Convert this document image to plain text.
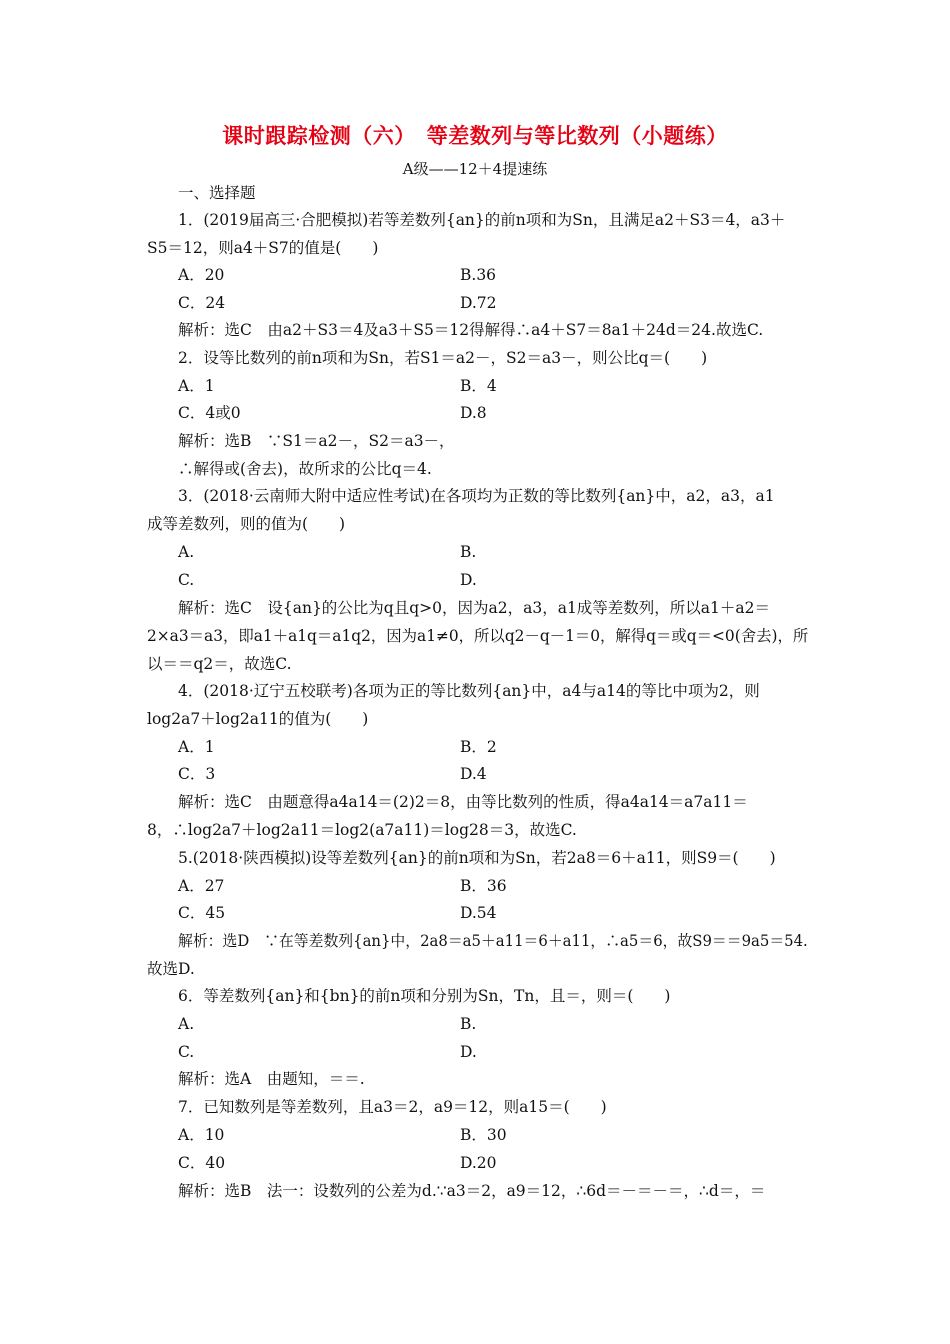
课时跟踪检测（六）　等差数列与等比数列（小题练）
A级——12＋4提速练
一、选择题
1．(2019届高三·合肥模拟)若等差数列{an}的前n项和为Sn，且满足a2＋S3＝4，a3＋
S5＝12，则a4＋S7的值是(　　)
A．20	B.36
C．24	D.72
解析：选C　由a2＋S3＝4及a3＋S5＝12得解得∴a4＋S7＝8a1＋24d＝24.故选C.
2．设等比数列的前n项和为Sn，若S1＝a2－，S2＝a3－，则公比q＝(　　)
A．1	B．4
C．4或0	D.8
解析：选B　∵S1＝a2－，S2＝a3－，
∴解得或(舍去)，故所求的公比q＝4.
3．(2018·云南师大附中适应性考试)在各项均为正数的等比数列{an}中，a2，a3，a1
成等差数列，则的值为(　　)
A.	B.
C.	D.
解析：选C　设{an}的公比为q且q>0，因为a2，a3，a1成等差数列，所以a1＋a2＝
2×a3＝a3，即a1＋a1q＝a1q2，因为a1≠0，所以q2－q－1＝0，解得q＝或q＝<0(舍去)，所
以＝＝q2＝，故选C.
4．(2018·辽宁五校联考)各项为正的等比数列{an}中，a4与a14的等比中项为2，则
log2a7＋log2a11的值为(　　)
A．1	B．2
C．3	D.4
解析：选C　由题意得a4a14＝(2)2＝8，由等比数列的性质，得a4a14＝a7a11＝
8，∴log2a7＋log2a11＝log2(a7a11)＝log28＝3，故选C.
5.(2018·陕西模拟)设等差数列{an}的前n项和为Sn，若2a8＝6＋a11，则S9＝(　　)
A．27	B．36
C．45	D.54
解析：选D　∵在等差数列{an}中，2a8＝a5＋a11＝6＋a11，∴a5＝6，故S9＝＝9a5＝54.
故选D.
6．等差数列{an}和{bn}的前n项和分别为Sn，Tn，且＝，则＝(　　)
A.	B.
C.	D.
解析：选A　由题知，＝＝.
7．已知数列是等差数列，且a3＝2，a9＝12，则a15＝(　　)
A．10	B．30
C．40	D.20
解析：选B　法一：设数列的公差为d.∵a3＝2，a9＝12，∴6d＝－＝－＝，∴d＝，＝
